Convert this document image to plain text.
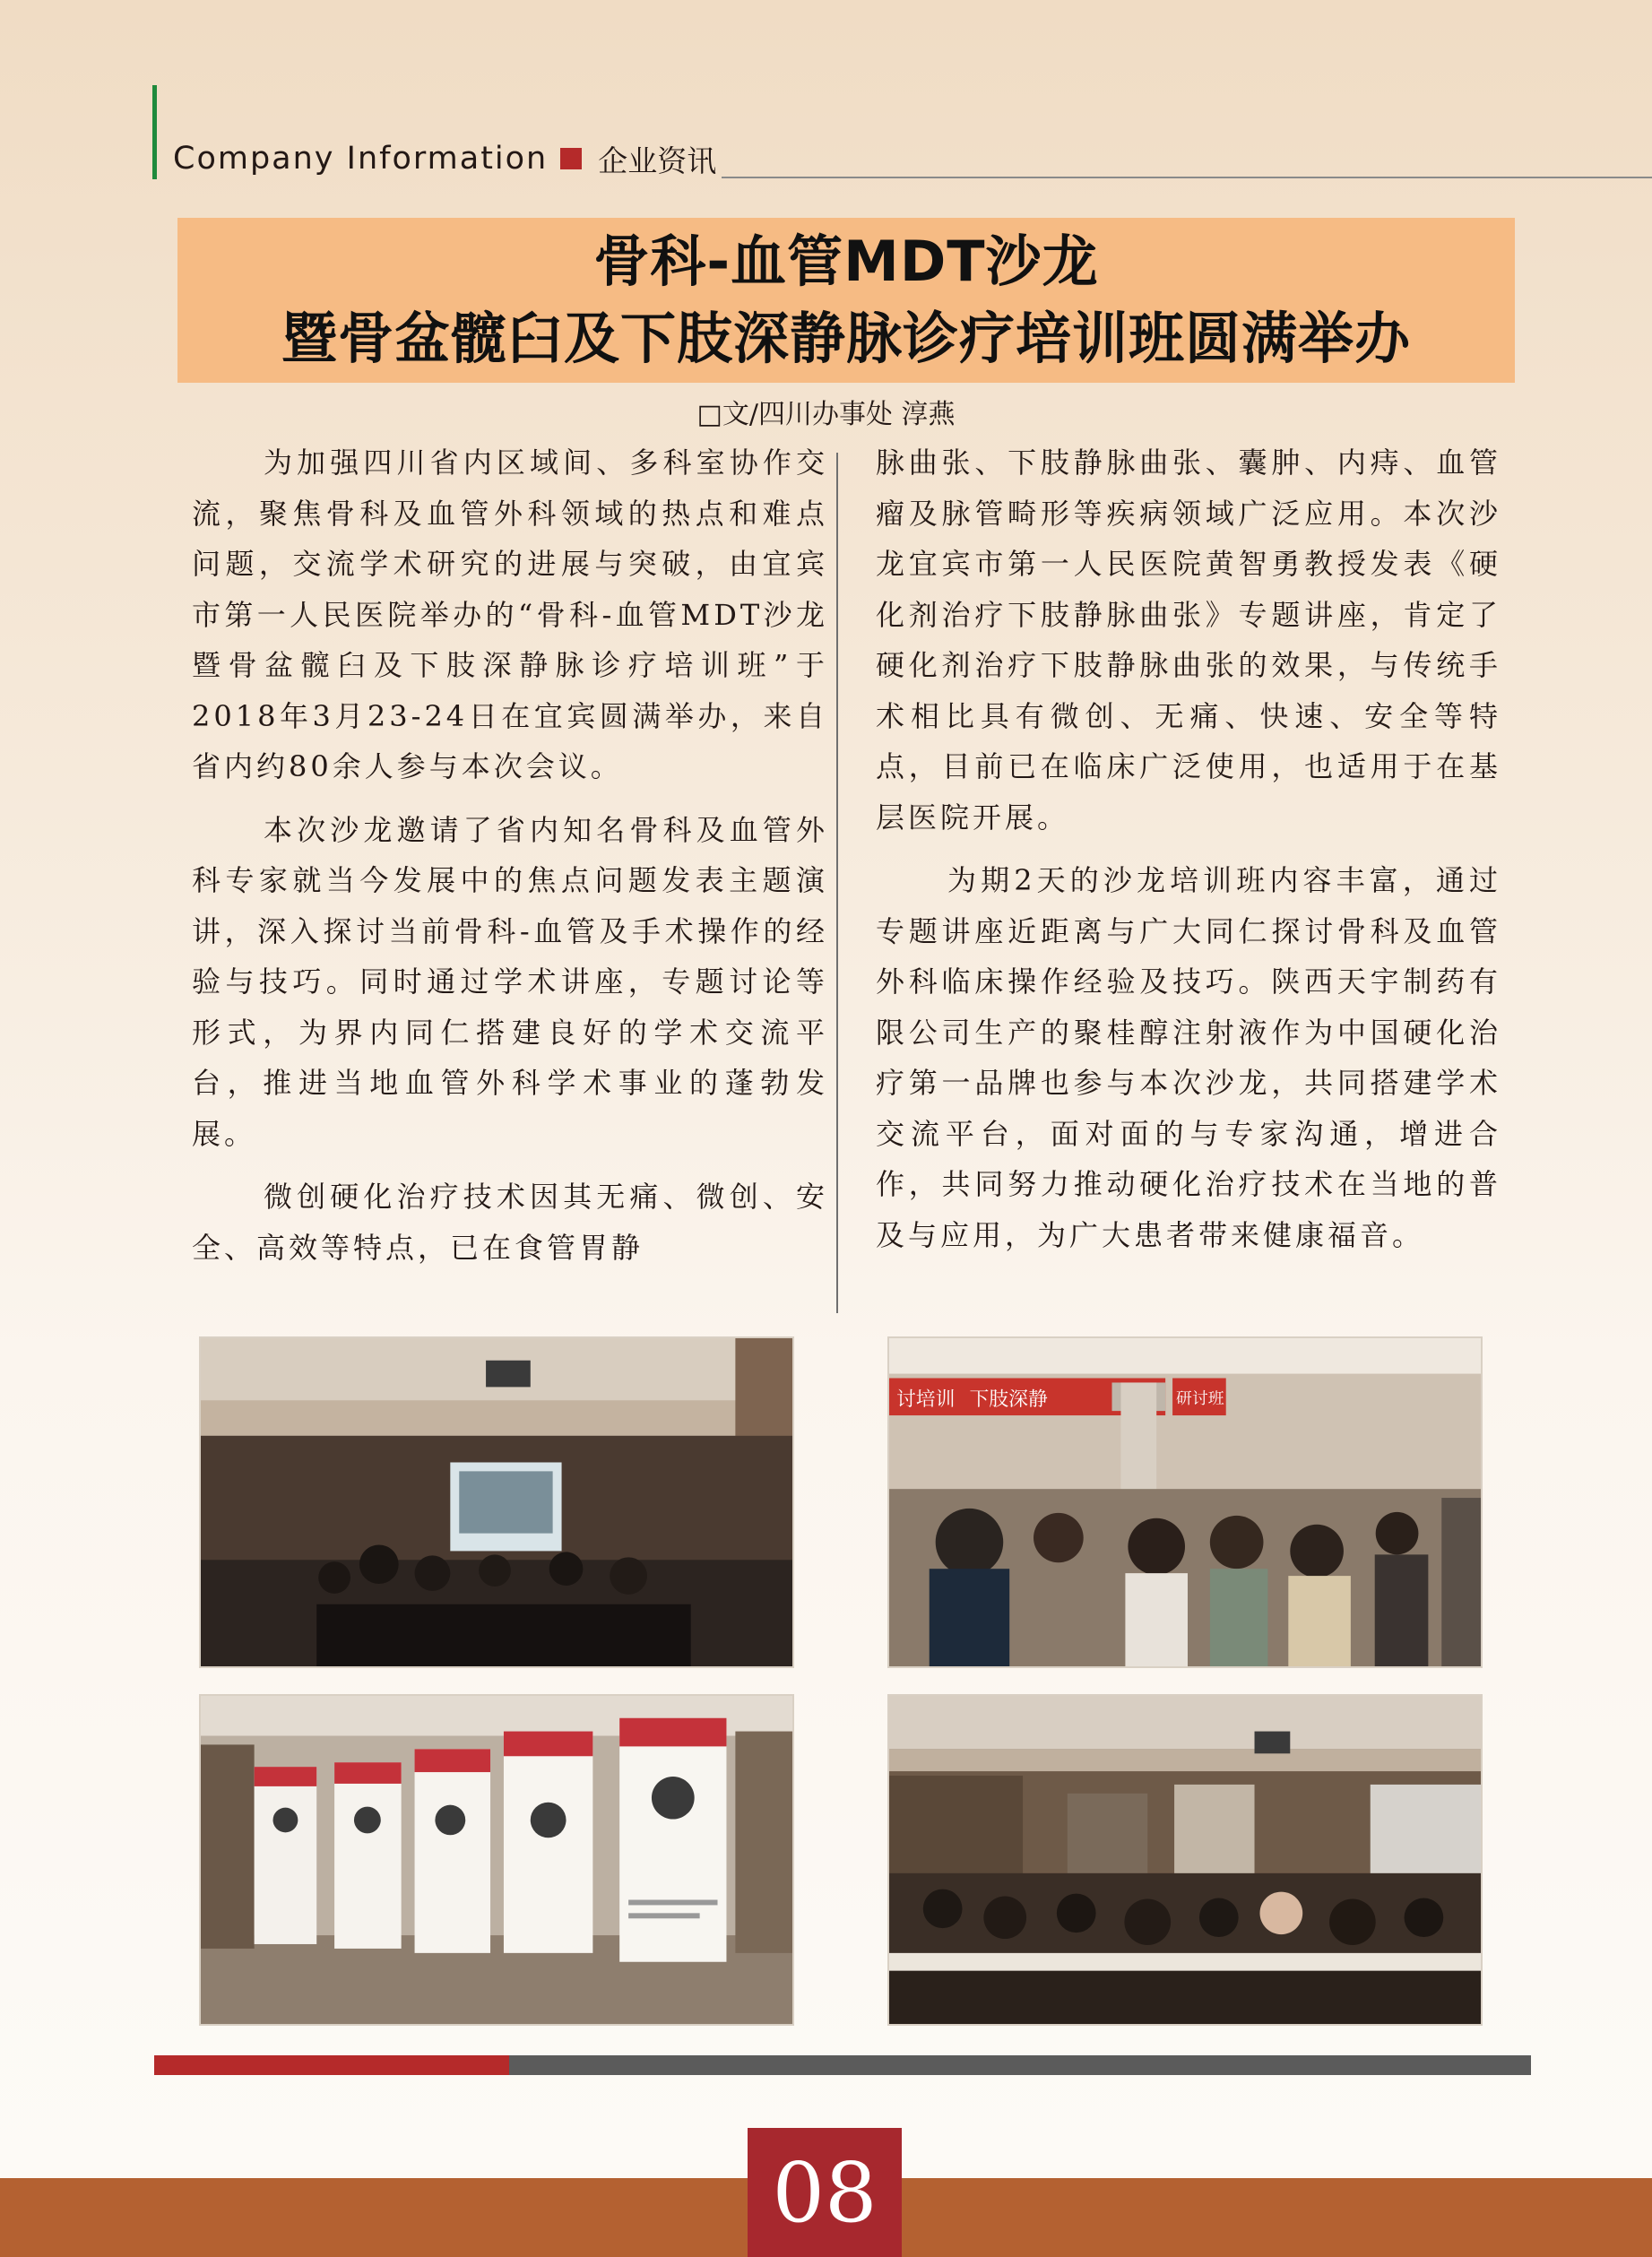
Company Information 企业资讯
骨科-血管MDT沙龙
暨骨盆髋臼及下肢深静脉诊疗培训班圆满举办
□文/四川办事处 淳燕

为加强四川省内区域间、多科室协作交流，聚焦骨科及血管外科领域的热点和难点问题，交流学术研究的进展与突破，由宜宾市第一人民医院举办的“骨科-血管MDT沙龙暨骨盆髋臼及下肢深静脉诊疗培训班”于2018年3月23-24日在宜宾圆满举办，来自省内约80余人参与本次会议。

本次沙龙邀请了省内知名骨科及血管外科专家就当今发展中的焦点问题发表主题演讲，深入探讨当前骨科-血管及手术操作的经验与技巧。同时通过学术讲座，专题讨论等形式，为界内同仁搭建良好的学术交流平台，推进当地血管外科学术事业的蓬勃发展。

微创硬化治疗技术因其无痛、微创、安全、高效等特点，已在食管胃静

脉曲张、下肢静脉曲张、囊肿、内痔、血管瘤及脉管畸形等疾病领域广泛应用。本次沙龙宜宾市第一人民医院黄智勇教授发表《硬化剂治疗下肢静脉曲张》专题讲座，肯定了硬化剂治疗下肢静脉曲张的效果，与传统手术相比具有微创、无痛、快速、安全等特点，目前已在临床广泛使用，也适用于在基层医院开展。

为期2天的沙龙培训班内容丰富，通过专题讲座近距离与广大同仁探讨骨科及血管外科临床操作经验及技巧。陕西天宇制药有限公司生产的聚桂醇注射液作为中国硬化治疗第一品牌也参与本次沙龙，共同搭建学术交流平台，面对面的与专家沟通，增进合作，共同努力推动硬化治疗技术在当地的普及与应用，为广大患者带来健康福音。

讨培训 下肢深静	研讨班
08
